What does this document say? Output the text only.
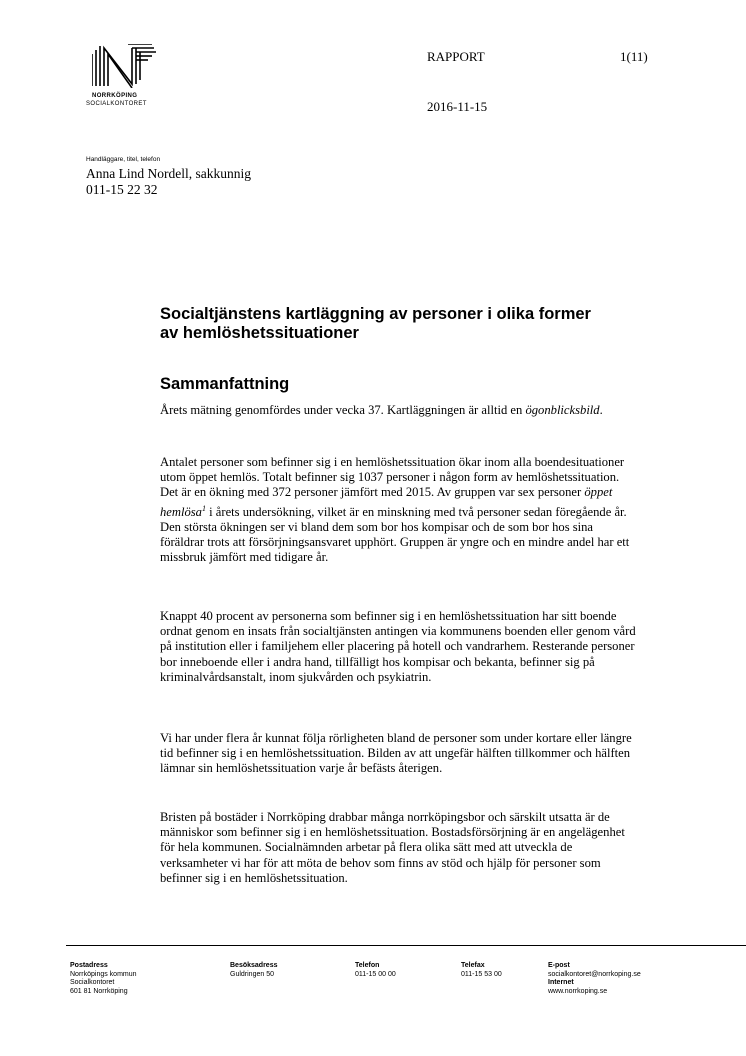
NORRKÖPING
SOCIALKONTORET
RAPPORT	1(11)
2016-11-15
Handläggare, titel, telefon
Anna Lind Nordell, sakkunnig
011-15 22 32
Socialtjänstens kartläggning av personer i olika former
av hemlöshetssituationer
Sammanfattning

Årets mätning genomfördes under vecka 37. Kartläggningen är alltid en ögonblicksbild.

Antalet personer som befinner sig i en hemlöshetssituation ökar inom alla boendesituationer utom öppet hemlös. Totalt befinner sig 1037 personer i någon form av hemlöshetssituation. Det är en ökning med 372 personer jämfört med 2015. Av gruppen var sex personer öppet hemlösa$^1$ i årets undersökning, vilket är en minskning med två personer sedan föregående år. Den största ökningen ser vi bland dem som bor hos kompisar och de som bor hos sina föräldrar trots att försörjningsansvaret upphört. Gruppen är yngre och en mindre andel har ett missbruk jämfört med tidigare år.

Knappt 40 procent av personerna som befinner sig i en hemlöshetssituation har sitt boende ordnat genom en insats från socialtjänsten antingen via kommunens boenden eller genom vård på institution eller i familjehem eller placering på hotell och vandrarhem. Resterande personer bor inneboende eller i andra hand, tillfälligt hos kompisar och bekanta, befinner sig på kriminalvårdsanstalt, inom sjukvården och psykiatrin.

Vi har under flera år kunnat följa rörligheten bland de personer som under kortare eller längre tid befinner sig i en hemlöshetssituation. Bilden av att ungefär hälften tillkommer och hälften lämnar sin hemlöshetssituation varje år befästs återigen.

Bristen på bostäder i Norrköping drabbar många norrköpingsbor och särskilt utsatta är de människor som befinner sig i en hemlöshetssituation. Bostadsförsörjning är en angelägenhet för hela kommunen. Socialnämnden arbetar på flera olika sätt med att utveckla de verksamheter vi har för att möta de behov som finns av stöd och hjälp för personer som befinner sig i en hemlöshetssituation.

Postadress
Norrköpings kommun
Socialkontoret
601 81 Norrköping
Besöksadress
Guldringen 50
Telefon
011-15 00 00
Telefax
011-15 53 00
E-post
socialkontoret@norrkoping.se
Internet
www.norrkoping.se
